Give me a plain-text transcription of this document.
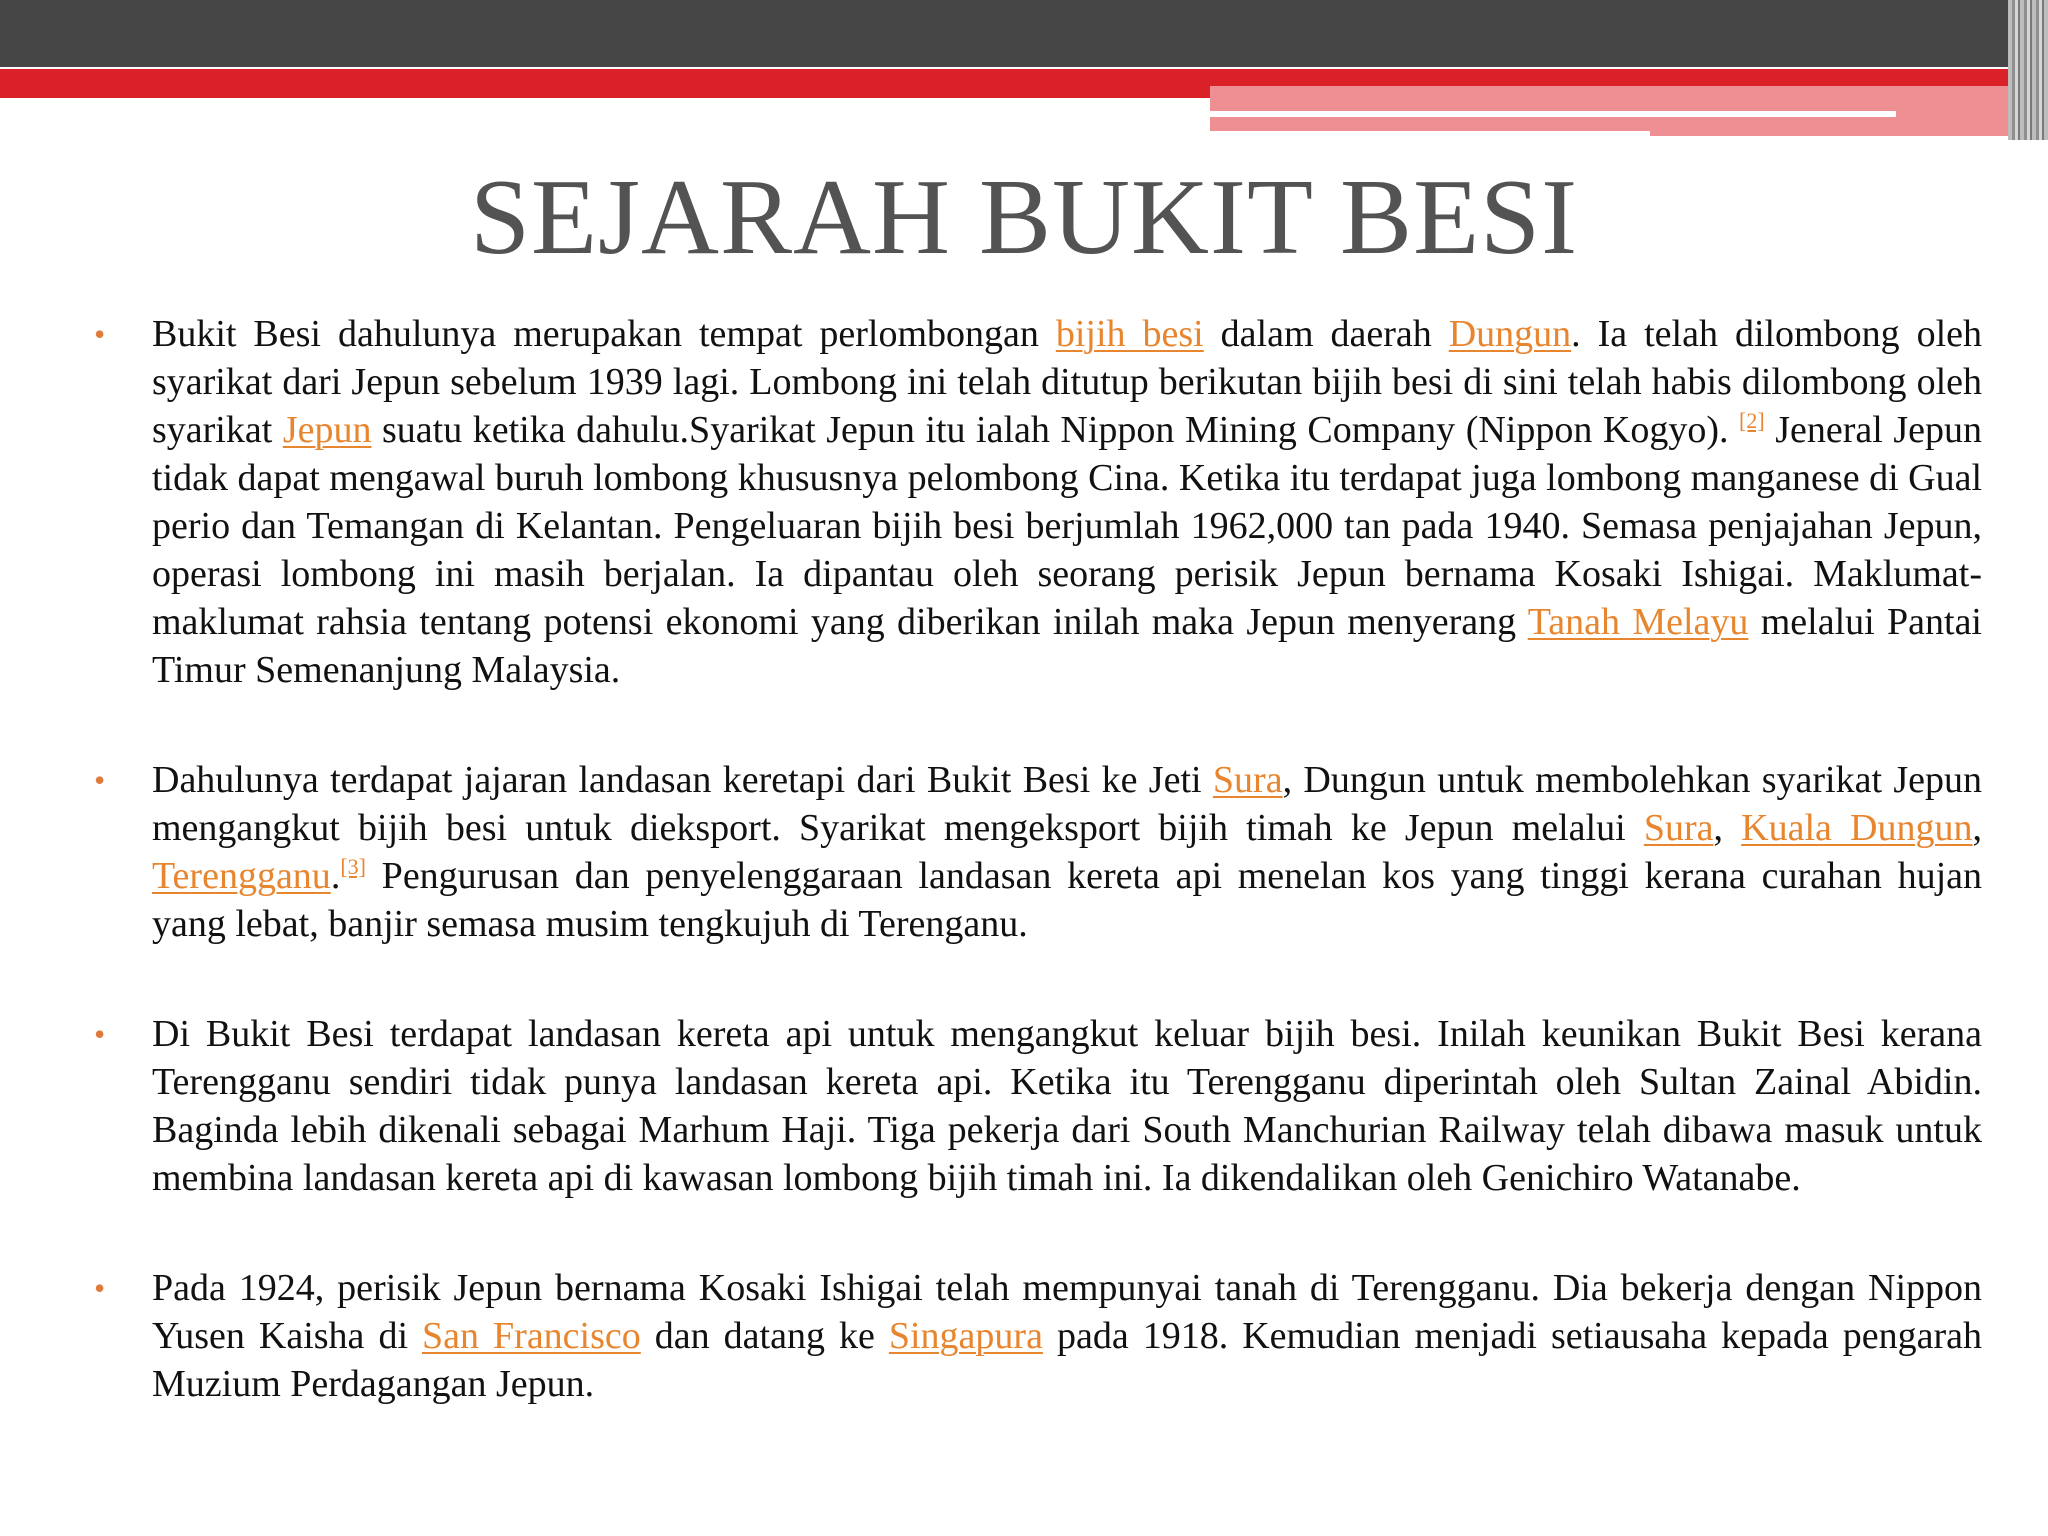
SEJARAH BUKIT BESI

• Bukit Besi dahulunya merupakan tempat perlombongan bijih besi dalam daerah Dungun. Ia telah dilombong oleh syarikat dari Jepun sebelum 1939 lagi. Lombong ini telah ditutup berikutan bijih besi di sini telah habis dilombong oleh syarikat Jepun suatu ketika dahulu.Syarikat Jepun itu ialah Nippon Mining Company (Nippon Kogyo). [2] Jeneral Jepun tidak dapat mengawal buruh lombong khususnya pelombong Cina. Ketika itu terdapat juga lombong manganese di Gual perio dan Temangan di Kelantan. Pengeluaran bijih besi berjumlah 1962,000 tan pada 1940. Semasa penjajahan Jepun, operasi lombong ini masih berjalan. Ia dipantau oleh seorang perisik Jepun bernama Kosaki Ishigai. Maklumat-maklumat rahsia tentang potensi ekonomi yang diberikan inilah maka Jepun menyerang Tanah Melayu melalui Pantai Timur Semenanjung Malaysia.

• Dahulunya terdapat jajaran landasan keretapi dari Bukit Besi ke Jeti Sura, Dungun untuk membolehkan syarikat Jepun mengangkut bijih besi untuk dieksport. Syarikat mengeksport bijih timah ke Jepun melalui Sura, Kuala Dungun, Terengganu.[3] Pengurusan dan penyelenggaraan landasan kereta api menelan kos yang tinggi kerana curahan hujan yang lebat, banjir semasa musim tengkujuh di Terenganu.

• Di Bukit Besi terdapat landasan kereta api untuk mengangkut keluar bijih besi. Inilah keunikan Bukit Besi kerana Terengganu sendiri tidak punya landasan kereta api. Ketika itu Terengganu diperintah oleh Sultan Zainal Abidin. Baginda lebih dikenali sebagai Marhum Haji. Tiga pekerja dari South Manchurian Railway telah dibawa masuk untuk membina landasan kereta api di kawasan lombong bijih timah ini. Ia dikendalikan oleh Genichiro Watanabe.

• Pada 1924, perisik Jepun bernama Kosaki Ishigai telah mempunyai tanah di Terengganu. Dia bekerja dengan Nippon Yusen Kaisha di San Francisco dan datang ke Singapura pada 1918. Kemudian menjadi setiausaha kepada pengarah Muzium Perdagangan Jepun.
